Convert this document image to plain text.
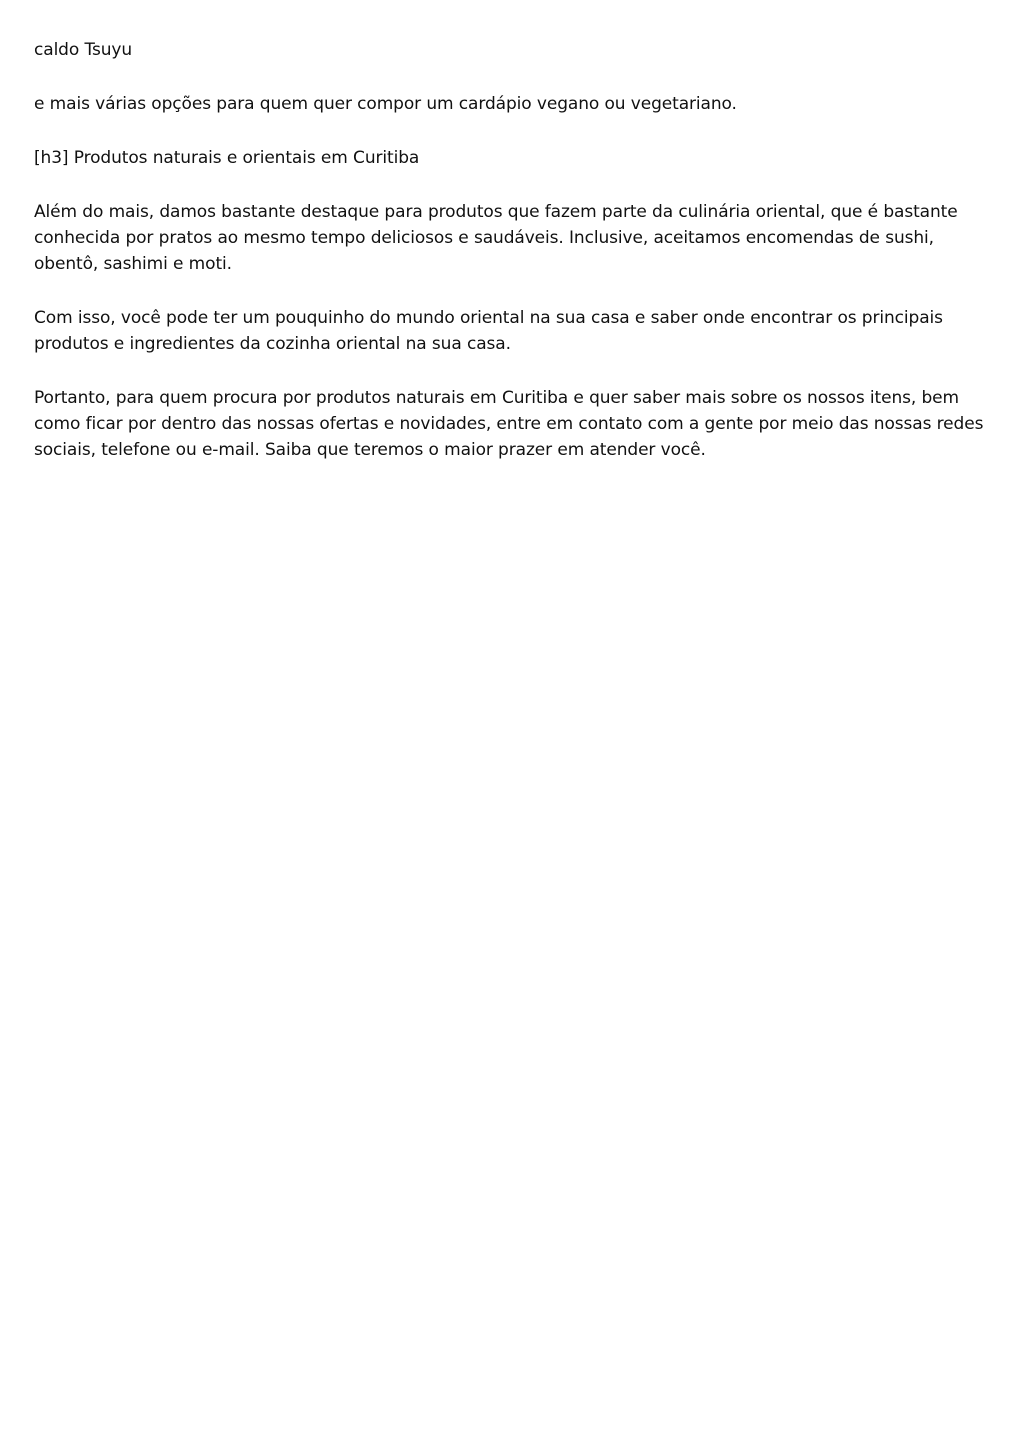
caldo Tsuyu

e mais várias opções para quem quer compor um cardápio vegano ou vegetariano.

[h3] Produtos naturais e orientais em Curitiba

Além do mais, damos bastante destaque para produtos que fazem parte da culinária oriental, que é bastante conhecida por pratos ao mesmo tempo deliciosos e saudáveis. Inclusive, aceitamos encomendas de sushi, obentô, sashimi e moti.

Com isso, você pode ter um pouquinho do mundo oriental na sua casa e saber onde encontrar os principais produtos e ingredientes da cozinha oriental na sua casa.

Portanto, para quem procura por produtos naturais em Curitiba e quer saber mais sobre os nossos itens, bem como ficar por dentro das nossas ofertas e novidades, entre em contato com a gente por meio das nossas redes sociais, telefone ou e-mail. Saiba que teremos o maior prazer em atender você.
